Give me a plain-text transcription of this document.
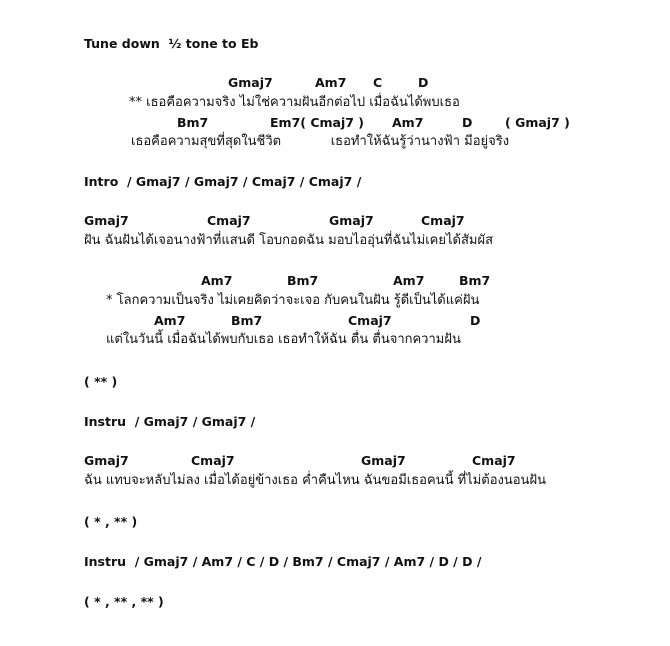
Tune down  ½ tone to Eb
Gmaj7	Am7 C	D
** เธอคือความจริง ไม่ใช่ความฝันอีกต่อไป เมื่อฉันได้พบเธอ
Bm7	Em7( Cmaj7 ) Am7	D	( Gmaj7 )
เธอคือความสุขที่สุดในชีวิต            เธอทำให้ฉันรู้ว่านางฟ้า มีอยู่จริง
Intro  / Gmaj7 / Gmaj7 / Cmaj7 / Cmaj7 /
Gmaj7	Cmaj7	Gmaj7	Cmaj7
ฝัน ฉันฝันได้เจอนางฟ้าที่แสนดี โอบกอดฉัน มอบไออุ่นที่ฉันไม่เคยได้สัมผัส
Am7	Bm7	Am7	Bm7
* โลกความเป็นจริง ไม่เคยคิดว่าจะเจอ กับคนในฝัน รู้ดีเป็นได้แค่ฝัน
Am7	Bm7	Cmaj7	D
แต่ในวันนี้ เมื่อฉันได้พบกับเธอ เธอทำให้ฉัน ตื่น ตื่นจากความฝัน
( ** )
Instru  / Gmaj7 / Gmaj7 /
Gmaj7	Cmaj7	Gmaj7	Cmaj7
ฉัน แทบจะหลับไม่ลง เมื่อได้อยู่ข้างเธอ ค่ำคืนไหน ฉันขอมีเธอคนนี้ ที่ไม่ต้องนอนฝัน
( * , ** )
Instru  / Gmaj7 / Am7 / C / D / Bm7 / Cmaj7 / Am7 / D / D /
( * , ** , ** )
